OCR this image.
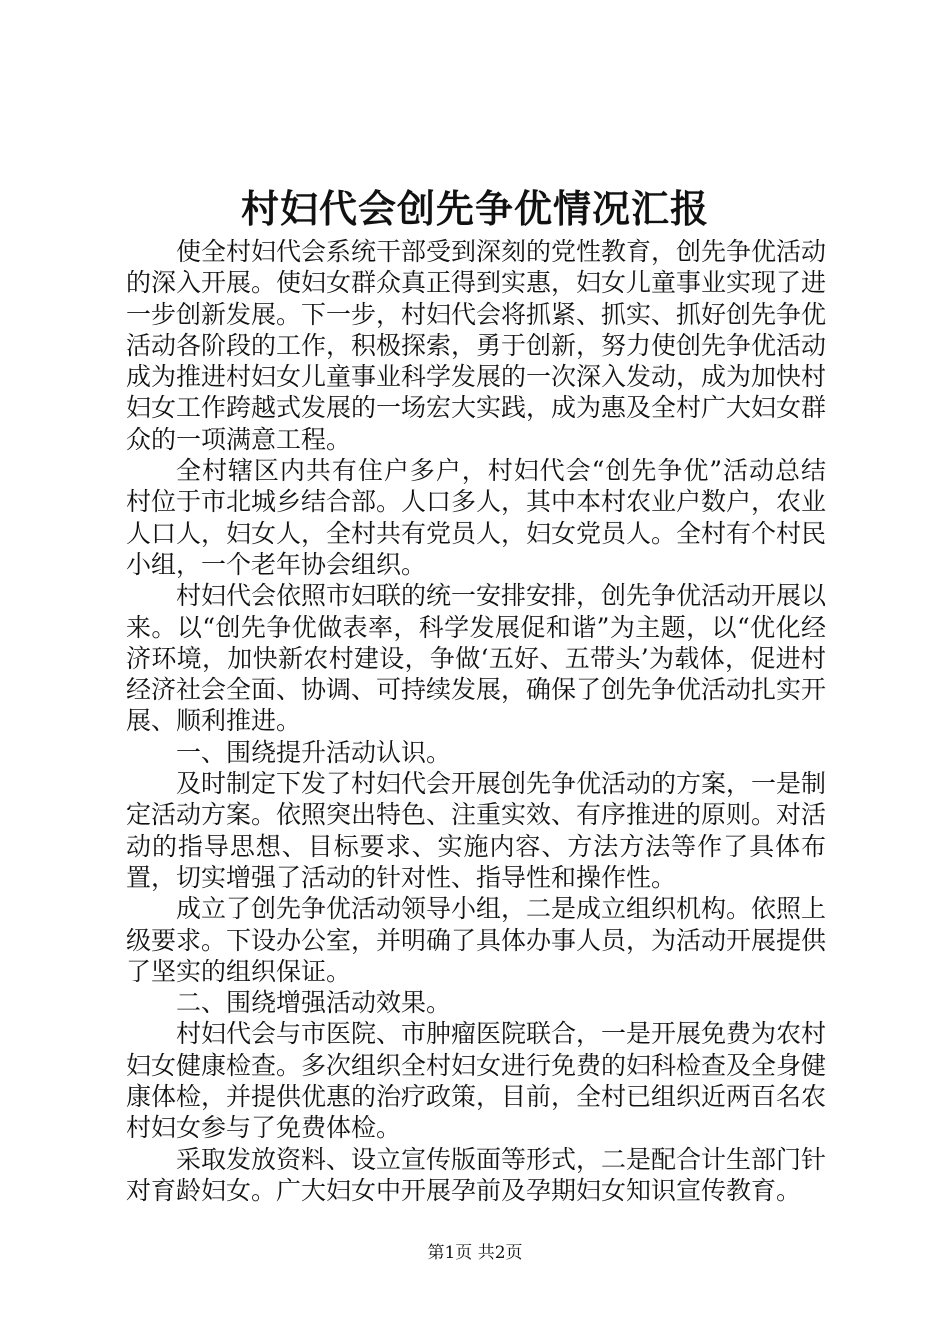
村妇代会创先争优情况汇报

使全村妇代会系统干部受到深刻的党性教育，创先争优活动的深入开展。使妇女群众真正得到实惠，妇女儿童事业实现了进一步创新发展。下一步，村妇代会将抓紧、抓实、抓好创先争优活动各阶段的工作，积极探索，勇于创新，努力使创先争优活动成为推进村妇女儿童事业科学发展的一次深入发动，成为加快村妇女工作跨越式发展的一场宏大实践，成为惠及全村广大妇女群众的一项满意工程。

全村辖区内共有住户多户，村妇代会“创先争优”活动总结村位于市北城乡结合部。人口多人，其中本村农业户数户，农业人口人，妇女人，全村共有党员人，妇女党员人。全村有个村民小组，一个老年协会组织。

村妇代会依照市妇联的统一安排安排，创先争优活动开展以来。以“创先争优做表率，科学发展促和谐”为主题，以“优化经济环境，加快新农村建设，争做‘五好、五带头’为载体，促进村经济社会全面、协调、可持续发展，确保了创先争优活动扎实开展、顺利推进。

一、围绕提升活动认识。

及时制定下发了村妇代会开展创先争优活动的方案，一是制定活动方案。依照突出特色、注重实效、有序推进的原则。对活动的指导思想、目标要求、实施内容、方法方法等作了具体布置，切实增强了活动的针对性、指导性和操作性。

成立了创先争优活动领导小组，二是成立组织机构。依照上级要求。下设办公室，并明确了具体办事人员，为活动开展提供了坚实的组织保证。

二、围绕增强活动效果。

村妇代会与市医院、市肿瘤医院联合，一是开展免费为农村妇女健康检查。多次组织全村妇女进行免费的妇科检查及全身健康体检，并提供优惠的治疗政策，目前，全村已组织近两百名农村妇女参与了免费体检。

采取发放资料、设立宣传版面等形式，二是配合计生部门针对育龄妇女。广大妇女中开展孕前及孕期妇女知识宣传教育。

第1页 共2页
